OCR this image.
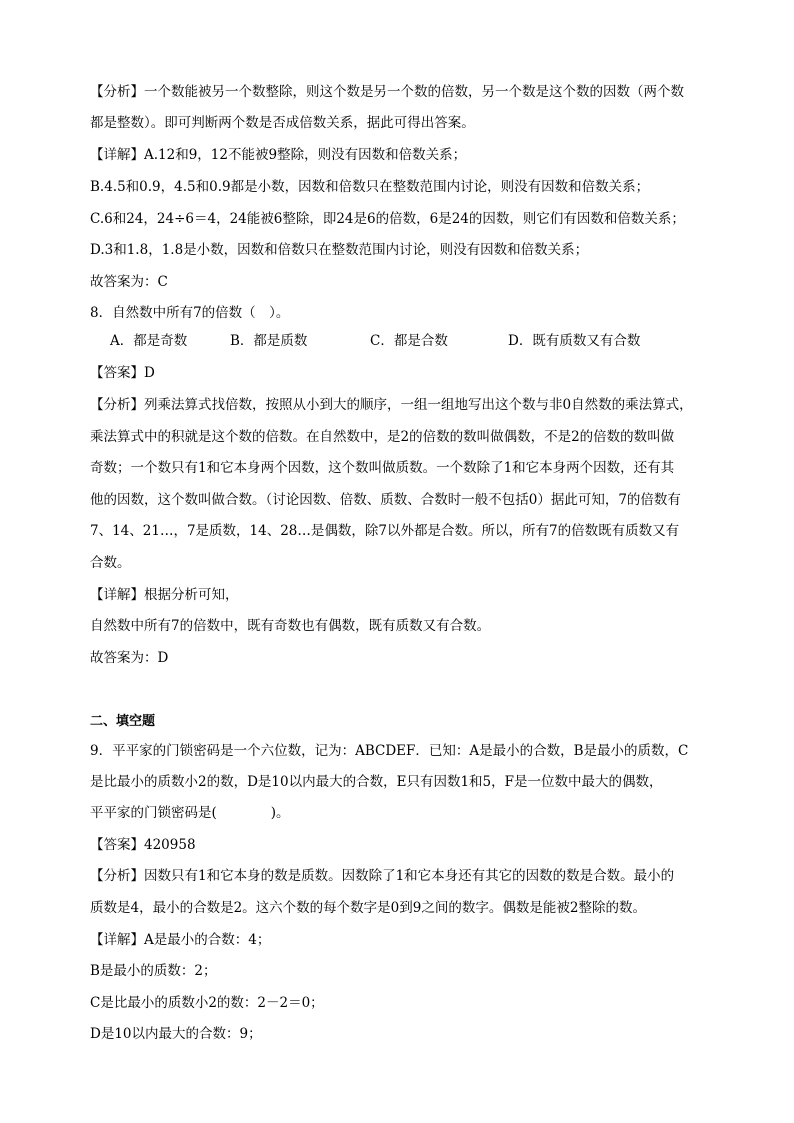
【分析】一个数能被另一个数整除，则这个数是另一个数的倍数，另一个数是这个数的因数（两个数
都是整数）。即可判断两个数是否成倍数关系，据此可得出答案。
【详解】A.12和9，12不能被9整除，则没有因数和倍数关系；
B.4.5和0.9，4.5和0.9都是小数，因数和倍数只在整数范围内讨论，则没有因数和倍数关系；
C.6和24，24÷6＝4，24能被6整除，即24是6的倍数，6是24的因数，则它们有因数和倍数关系；
D.3和1.8，1.8是小数，因数和倍数只在整数范围内讨论，则没有因数和倍数关系；
故答案为：C
8．自然数中所有7的倍数（　）。
A．都是奇数	B．都是质数	C．都是合数	D．既有质数又有合数
【答案】D
【分析】列乘法算式找倍数，按照从小到大的顺序，一组一组地写出这个数与非0自然数的乘法算式，
乘法算式中的积就是这个数的倍数。在自然数中，是2的倍数的数叫做偶数，不是2的倍数的数叫做
奇数；一个数只有1和它本身两个因数，这个数叫做质数。一个数除了1和它本身两个因数，还有其
他的因数，这个数叫做合数。（讨论因数、倍数、质数、合数时一般不包括0）据此可知，7的倍数有
7、14、21…，7是质数，14、28…是偶数，除7以外都是合数。所以，所有7的倍数既有质数又有
合数。
【详解】根据分析可知，
自然数中所有7的倍数中，既有奇数也有偶数，既有质数又有合数。
故答案为：D
二、填空题
9．平平家的门锁密码是一个六位数，记为：ABCDEF．已知：A是最小的合数，B是最小的质数，C
是比最小的质数小2的数，D是10以内最大的合数，E只有因数1和5，F是一位数中最大的偶数，
平平家的门锁密码是(　　　　)。
【答案】420958
【分析】因数只有1和它本身的数是质数。因数除了1和它本身还有其它的因数的数是合数。最小的
质数是4，最小的合数是2。这六个数的每个数字是0到9之间的数字。偶数是能被2整除的数。
【详解】A是最小的合数：4；
B是最小的质数：2；
C是比最小的质数小2的数：2－2＝0；
D是10以内最大的合数：9；
